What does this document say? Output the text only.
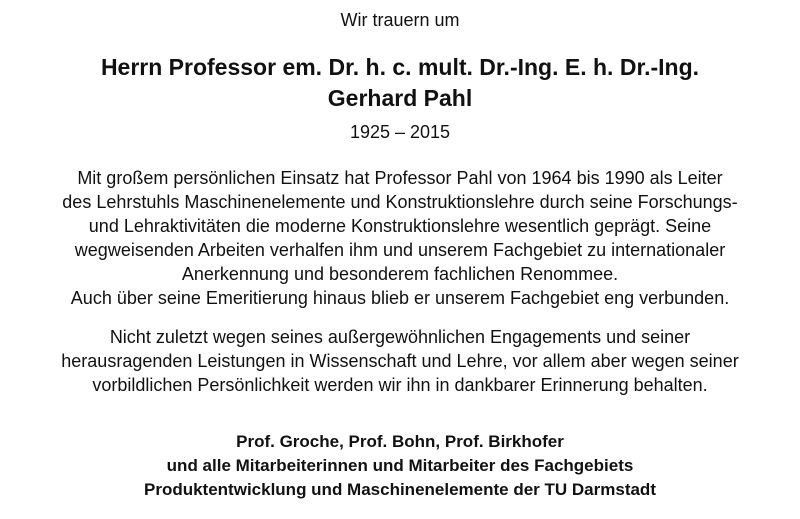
Wir trauern um
Herrn Professor em. Dr. h. c. mult. Dr.-Ing. E. h. Dr.-Ing.
Gerhard Pahl
1925 – 2015
Mit großem persönlichen Einsatz hat Professor Pahl von 1964 bis 1990 als Leiter
des Lehrstuhls Maschinenelemente und Konstruktionslehre durch seine Forschungs-
und Lehraktivitäten die moderne Konstruktionslehre wesentlich geprägt. Seine
wegweisenden Arbeiten verhalfen ihm und unserem Fachgebiet zu internationaler
Anerkennung und besonderem fachlichen Renommee.
Auch über seine Emeritierung hinaus blieb er unserem Fachgebiet eng verbunden.
Nicht zuletzt wegen seines außergewöhnlichen Engagements und seiner
herausragenden Leistungen in Wissenschaft und Lehre, vor allem aber wegen seiner
vorbildlichen Persönlichkeit werden wir ihn in dankbarer Erinnerung behalten.
Prof. Groche, Prof. Bohn, Prof. Birkhofer
und alle Mitarbeiterinnen und Mitarbeiter des Fachgebiets
Produktentwicklung und Maschinenelemente der TU Darmstadt
